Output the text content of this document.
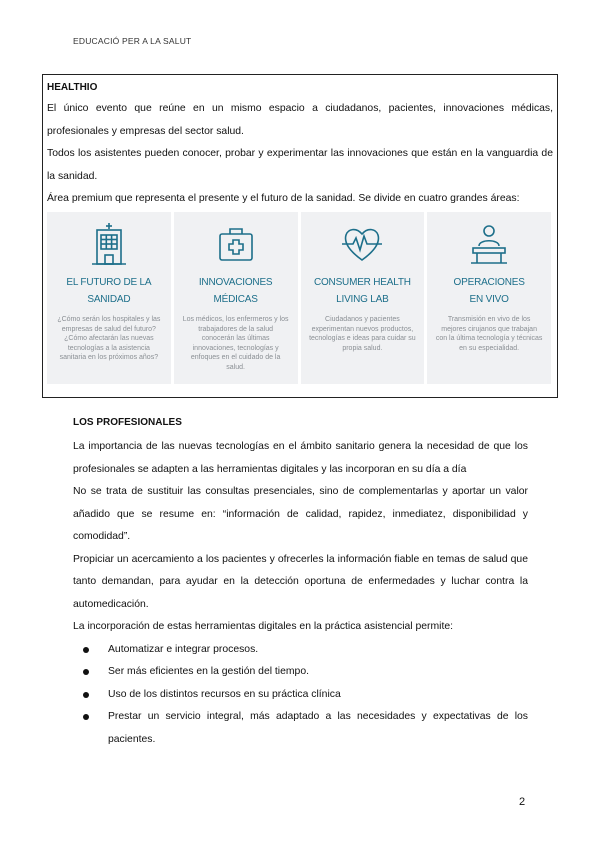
EDUCACIÓ PER A LA SALUT
HEALTHIO

El único evento que reúne en un mismo espacio a ciudadanos, pacientes, innovaciones médicas, profesionales y empresas del sector salud.

Todos los asistentes pueden conocer, probar y experimentar las innovaciones que están en la vanguardia de la sanidad.

Área premium que representa el presente y el futuro de la sanidad. Se divide en cuatro grandes áreas:

EL FUTURO DE LA
SANIDAD
¿Cómo serán los hospitales y las empresas de salud del futuro? ¿Cómo afectarán las nuevas tecnologías a la asistencia sanitaria en los próximos años?
INNOVACIONES
MÉDICAS
Los médicos, los enfermeros y los trabajadores de la salud conocerán las últimas innovaciones, tecnologías y enfoques en el cuidado de la salud.
CONSUMER HEALTH
LIVING LAB
Ciudadanos y pacientes experimentan nuevos productos, tecnologías e ideas para cuidar su propia salud.
OPERACIONES
EN VIVO
Transmisión en vivo de los mejores cirujanos que trabajan con la última tecnología y técnicas en su especialidad.
LOS PROFESIONALES

La importancia de las nuevas tecnologías en el ámbito sanitario genera la necesidad de que los profesionales se adapten a las herramientas digitales y las incorporan en su día a día

No se trata de sustituir las consultas presenciales, sino de complementarlas y aportar un valor añadido que se resume en: “información de calidad, rapidez, inmediatez, disponibilidad y comodidad”.

Propiciar un acercamiento a los pacientes y ofrecerles la información fiable en temas de salud que tanto demandan, para ayudar en la detección oportuna de enfermedades y luchar contra la automedicación.

La incorporación de estas herramientas digitales en la práctica asistencial permite:

Automatizar e integrar procesos.
Ser más eficientes en la gestión del tiempo.
Uso de los distintos recursos en su práctica clínica
Prestar un servicio integral, más adaptado a las necesidades y expectativas de los pacientes.
2
